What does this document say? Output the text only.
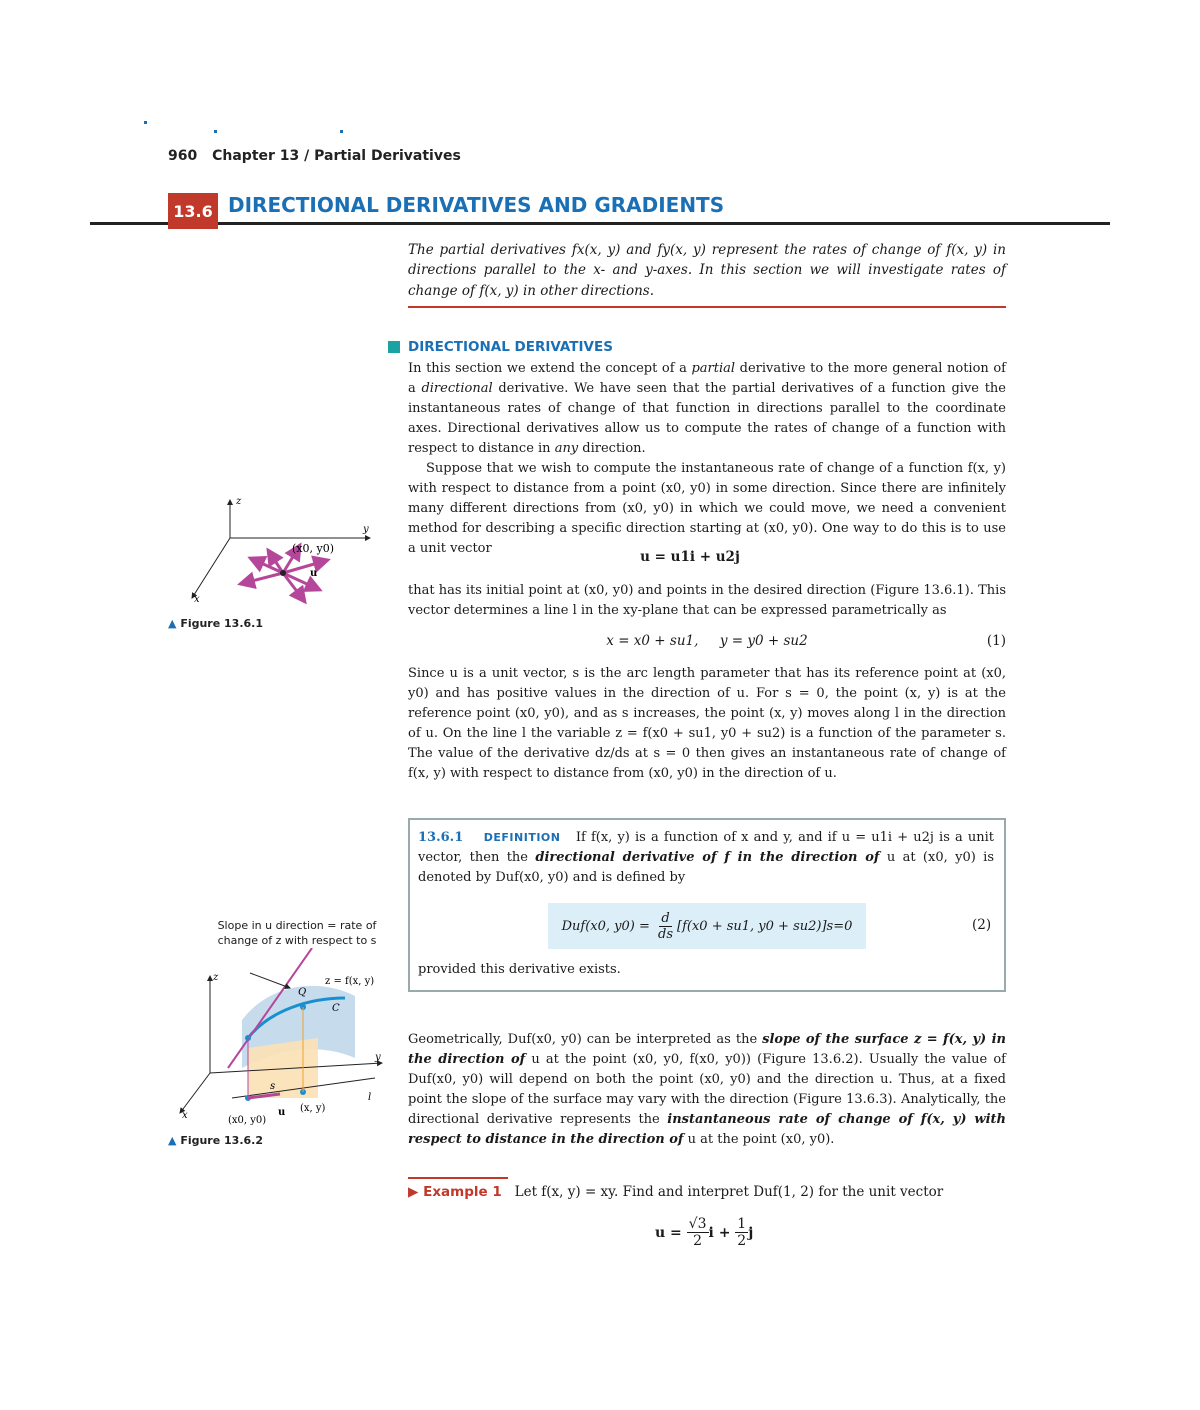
960 Chapter 13 / Partial Derivatives
13.6 DIRECTIONAL DERIVATIVES AND GRADIENTS
The partial derivatives fx(x, y) and fy(x, y) represent the rates of change of f(x, y) in directions parallel to the x- and y-axes. In this section we will investigate rates of change of f(x, y) in other directions.
DIRECTIONAL DERIVATIVES

In this section we extend the concept of a partial derivative to the more general notion of a directional derivative. We have seen that the partial derivatives of a function give the instantaneous rates of change of that function in directions parallel to the coordinate axes. Directional derivatives allow us to compute the rates of change of a function with respect to distance in any direction.

Suppose that we wish to compute the instantaneous rate of change of a function f(x, y) with respect to distance from a point (x0, y0) in some direction. Since there are infinitely many different directions from (x0, y0) in which we could move, we need a convenient method for describing a specific direction starting at (x0, y0). One way to do this is to use a unit vector

u = u1i + u2j
that has its initial point at (x0, y0) and points in the desired direction (Figure 13.6.1). This vector determines a line l in the xy-plane that can be expressed parametrically as
x = x0 + su1,     y = y0 + su2	(1)
Since u is a unit vector, s is the arc length parameter that has its reference point at (x0, y0) and has positive values in the direction of u. For s = 0, the point (x, y) is at the reference point (x0, y0), and as s increases, the point (x, y) moves along l in the direction of u. On the line l the variable z = f(x0 + su1, y0 + su2) is a function of the parameter s. The value of the derivative dz/ds at s = 0 then gives an instantaneous rate of change of f(x, y) with respect to distance from (x0, y0) in the direction of u.
13.6.1 DEFINITION If f(x, y) is a function of x and y, and if u = u1i + u2j is a unit vector, then the directional derivative of f in the direction of u at (x0, y0) is denoted by Duf(x0, y0) and is defined by
Duf(x0, $y0) = \frac{d}{ds} [f(x0 + su1$, y0 + su2)]s=0	(2)
provided this derivative exists.
Geometrically, Duf(x0, y0) can be interpreted as the slope of the surface z = f(x, y) in the direction of u at the point (x0, y0, f(x0, y0)) (Figure 13.6.2). Usually the value of Duf(x0, y0) will depend on both the point (x0, y0) and the direction u. Thus, at a fixed point the slope of the surface may vary with the direction (Figure 13.6.3). Analytically, the directional derivative represents the instantaneous rate of change of f(x, y) with respect to distance in the direction of u at the point (x0, y0).
▶ Example 1 Let f(x, y) = xy. Find and interpret Duf(1, 2) for the unit vector
$u = \frac{√3}{2}$ $i + \frac{1}{2}$ j
z
y
x
(x0, y0)
u
▲ Figure 13.6.1
Slope in u direction = rate of
change of z with respect to s
z
y
x
z = f(x, y)
Q
C
s
l
u
(x0, y0)
(x, y)
▲ Figure 13.6.2
